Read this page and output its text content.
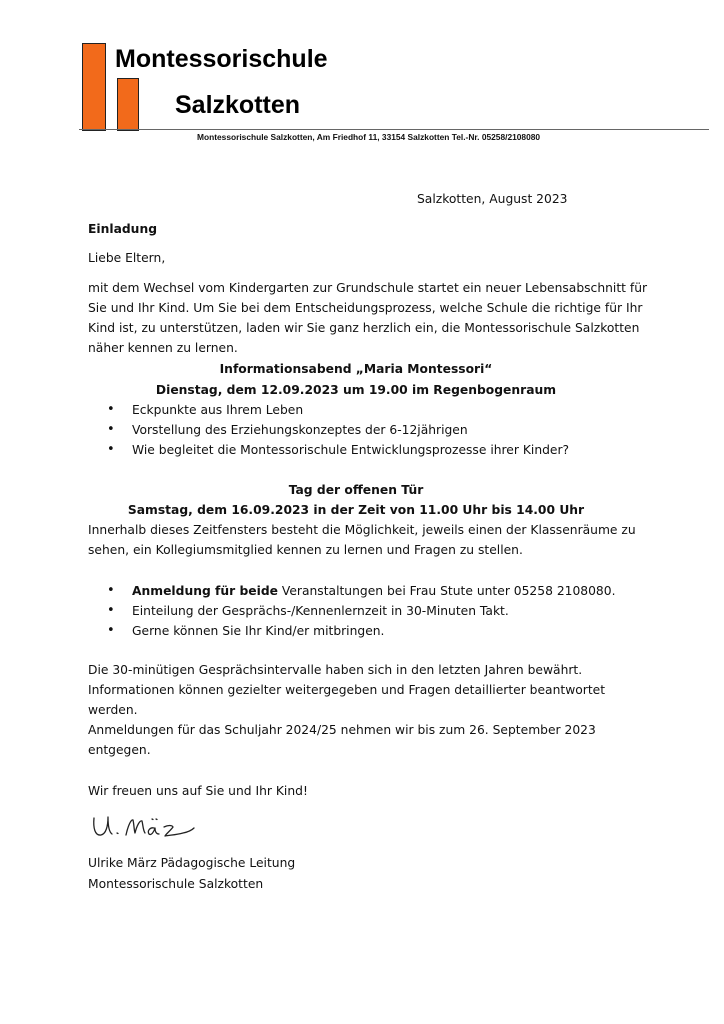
Montessorischule
Salzkotten
Montessorischule Salzkotten, Am Friedhof 11, 33154 Salzkotten Tel.-Nr. 05258/2108080
Salzkotten, August 2023
Einladung
Liebe Eltern,
mit dem Wechsel vom Kindergarten zur Grundschule startet ein neuer Lebensabschnitt für
Sie und Ihr Kind. Um Sie bei dem Entscheidungsprozess, welche Schule die richtige für Ihr
Kind ist, zu unterstützen, laden wir Sie ganz herzlich ein, die Montessorischule Salzkotten
näher kennen zu lernen.
Informationsabend „Maria Montessori“
Dienstag, dem 12.09.2023 um 19.00 im Regenbogenraum
• Eckpunkte aus Ihrem Leben
• Vorstellung des Erziehungskonzeptes der 6-12jährigen
• Wie begleitet die Montessorischule Entwicklungsprozesse ihrer Kinder?
Tag der offenen Tür
Samstag, dem 16.09.2023 in der Zeit von 11.00 Uhr bis 14.00 Uhr
Innerhalb dieses Zeitfensters besteht die Möglichkeit, jeweils einen der Klassenräume zu
sehen, ein Kollegiumsmitglied kennen zu lernen und Fragen zu stellen.
• Anmeldung für beide Veranstaltungen bei Frau Stute unter 05258 2108080.
• Einteilung der Gesprächs-/Kennenlernzeit in 30-Minuten Takt.
• Gerne können Sie Ihr Kind/er mitbringen.
Die 30-minütigen Gesprächsintervalle haben sich in den letzten Jahren bewährt.
Informationen können gezielter weitergegeben und Fragen detaillierter beantwortet
werden.
Anmeldungen für das Schuljahr 2024/25 nehmen wir bis zum 26. September 2023
entgegen.
Wir freuen uns auf Sie und Ihr Kind!
Ulrike März Pädagogische Leitung
Montessorischule Salzkotten
